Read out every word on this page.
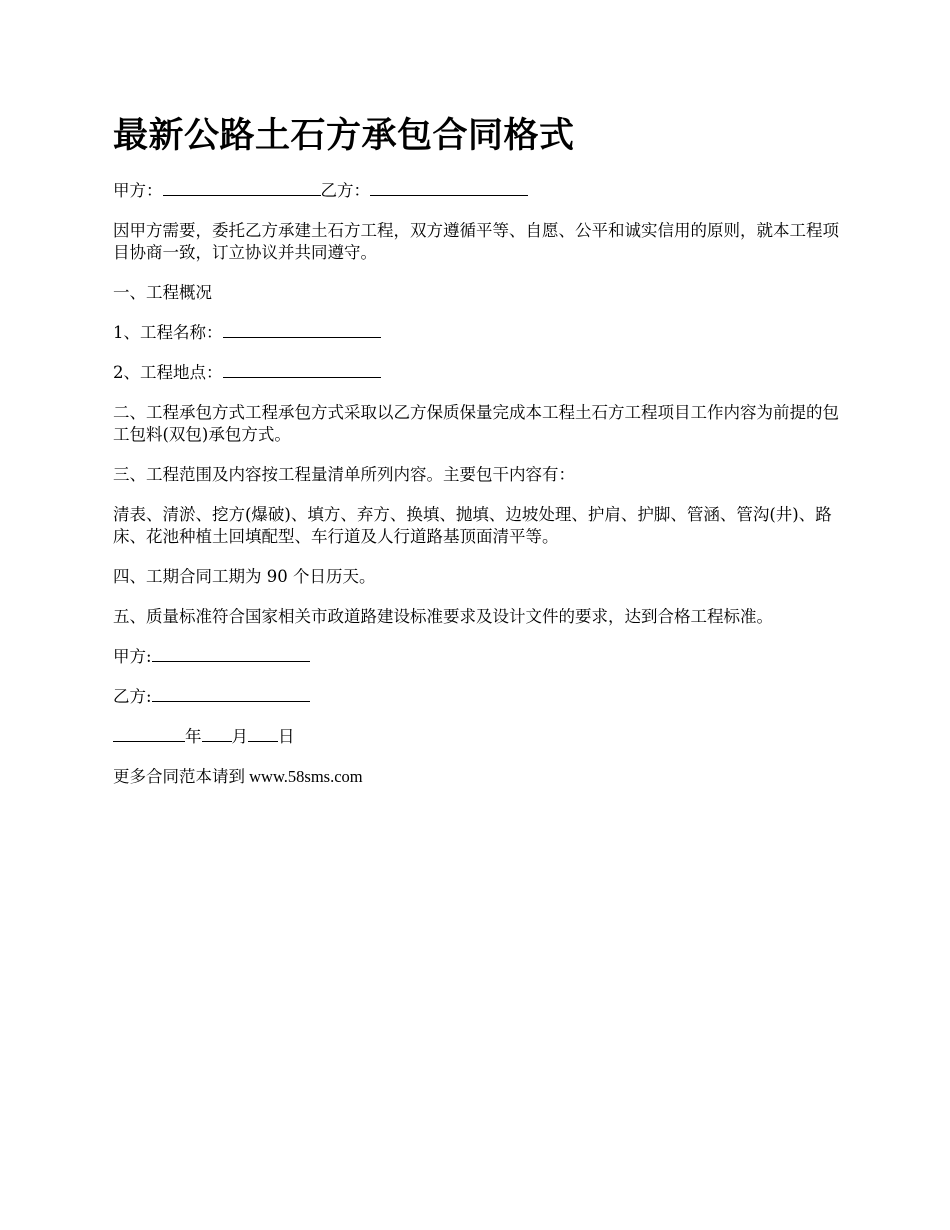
最新公路土石方承包合同格式
甲方：	乙方：
因甲方需要，委托乙方承建土石方工程，双方遵循平等、自愿、公平和诚实信用的原则，就本工程项目协商一致，订立协议并共同遵守。
一、工程概况
1、工程名称：
2、工程地点：
二、工程承包方式工程承包方式采取以乙方保质保量完成本工程土石方工程项目工作内容为前提的包工包料(双包)承包方式。
三、工程范围及内容按工程量清单所列内容。主要包干内容有：
清表、清淤、挖方(爆破)、填方、弃方、换填、抛填、边坡处理、护肩、护脚、管涵、管沟(井)、路床、花池种植土回填配型、车行道及人行道路基顶面清平等。
四、工期合同工期为 90 个日历天。
五、质量标准符合国家相关市政道路建设标准要求及设计文件的要求，达到合格工程标准。
甲方:
乙方:
年 月 日
更多合同范本请到 www.58sms.com
